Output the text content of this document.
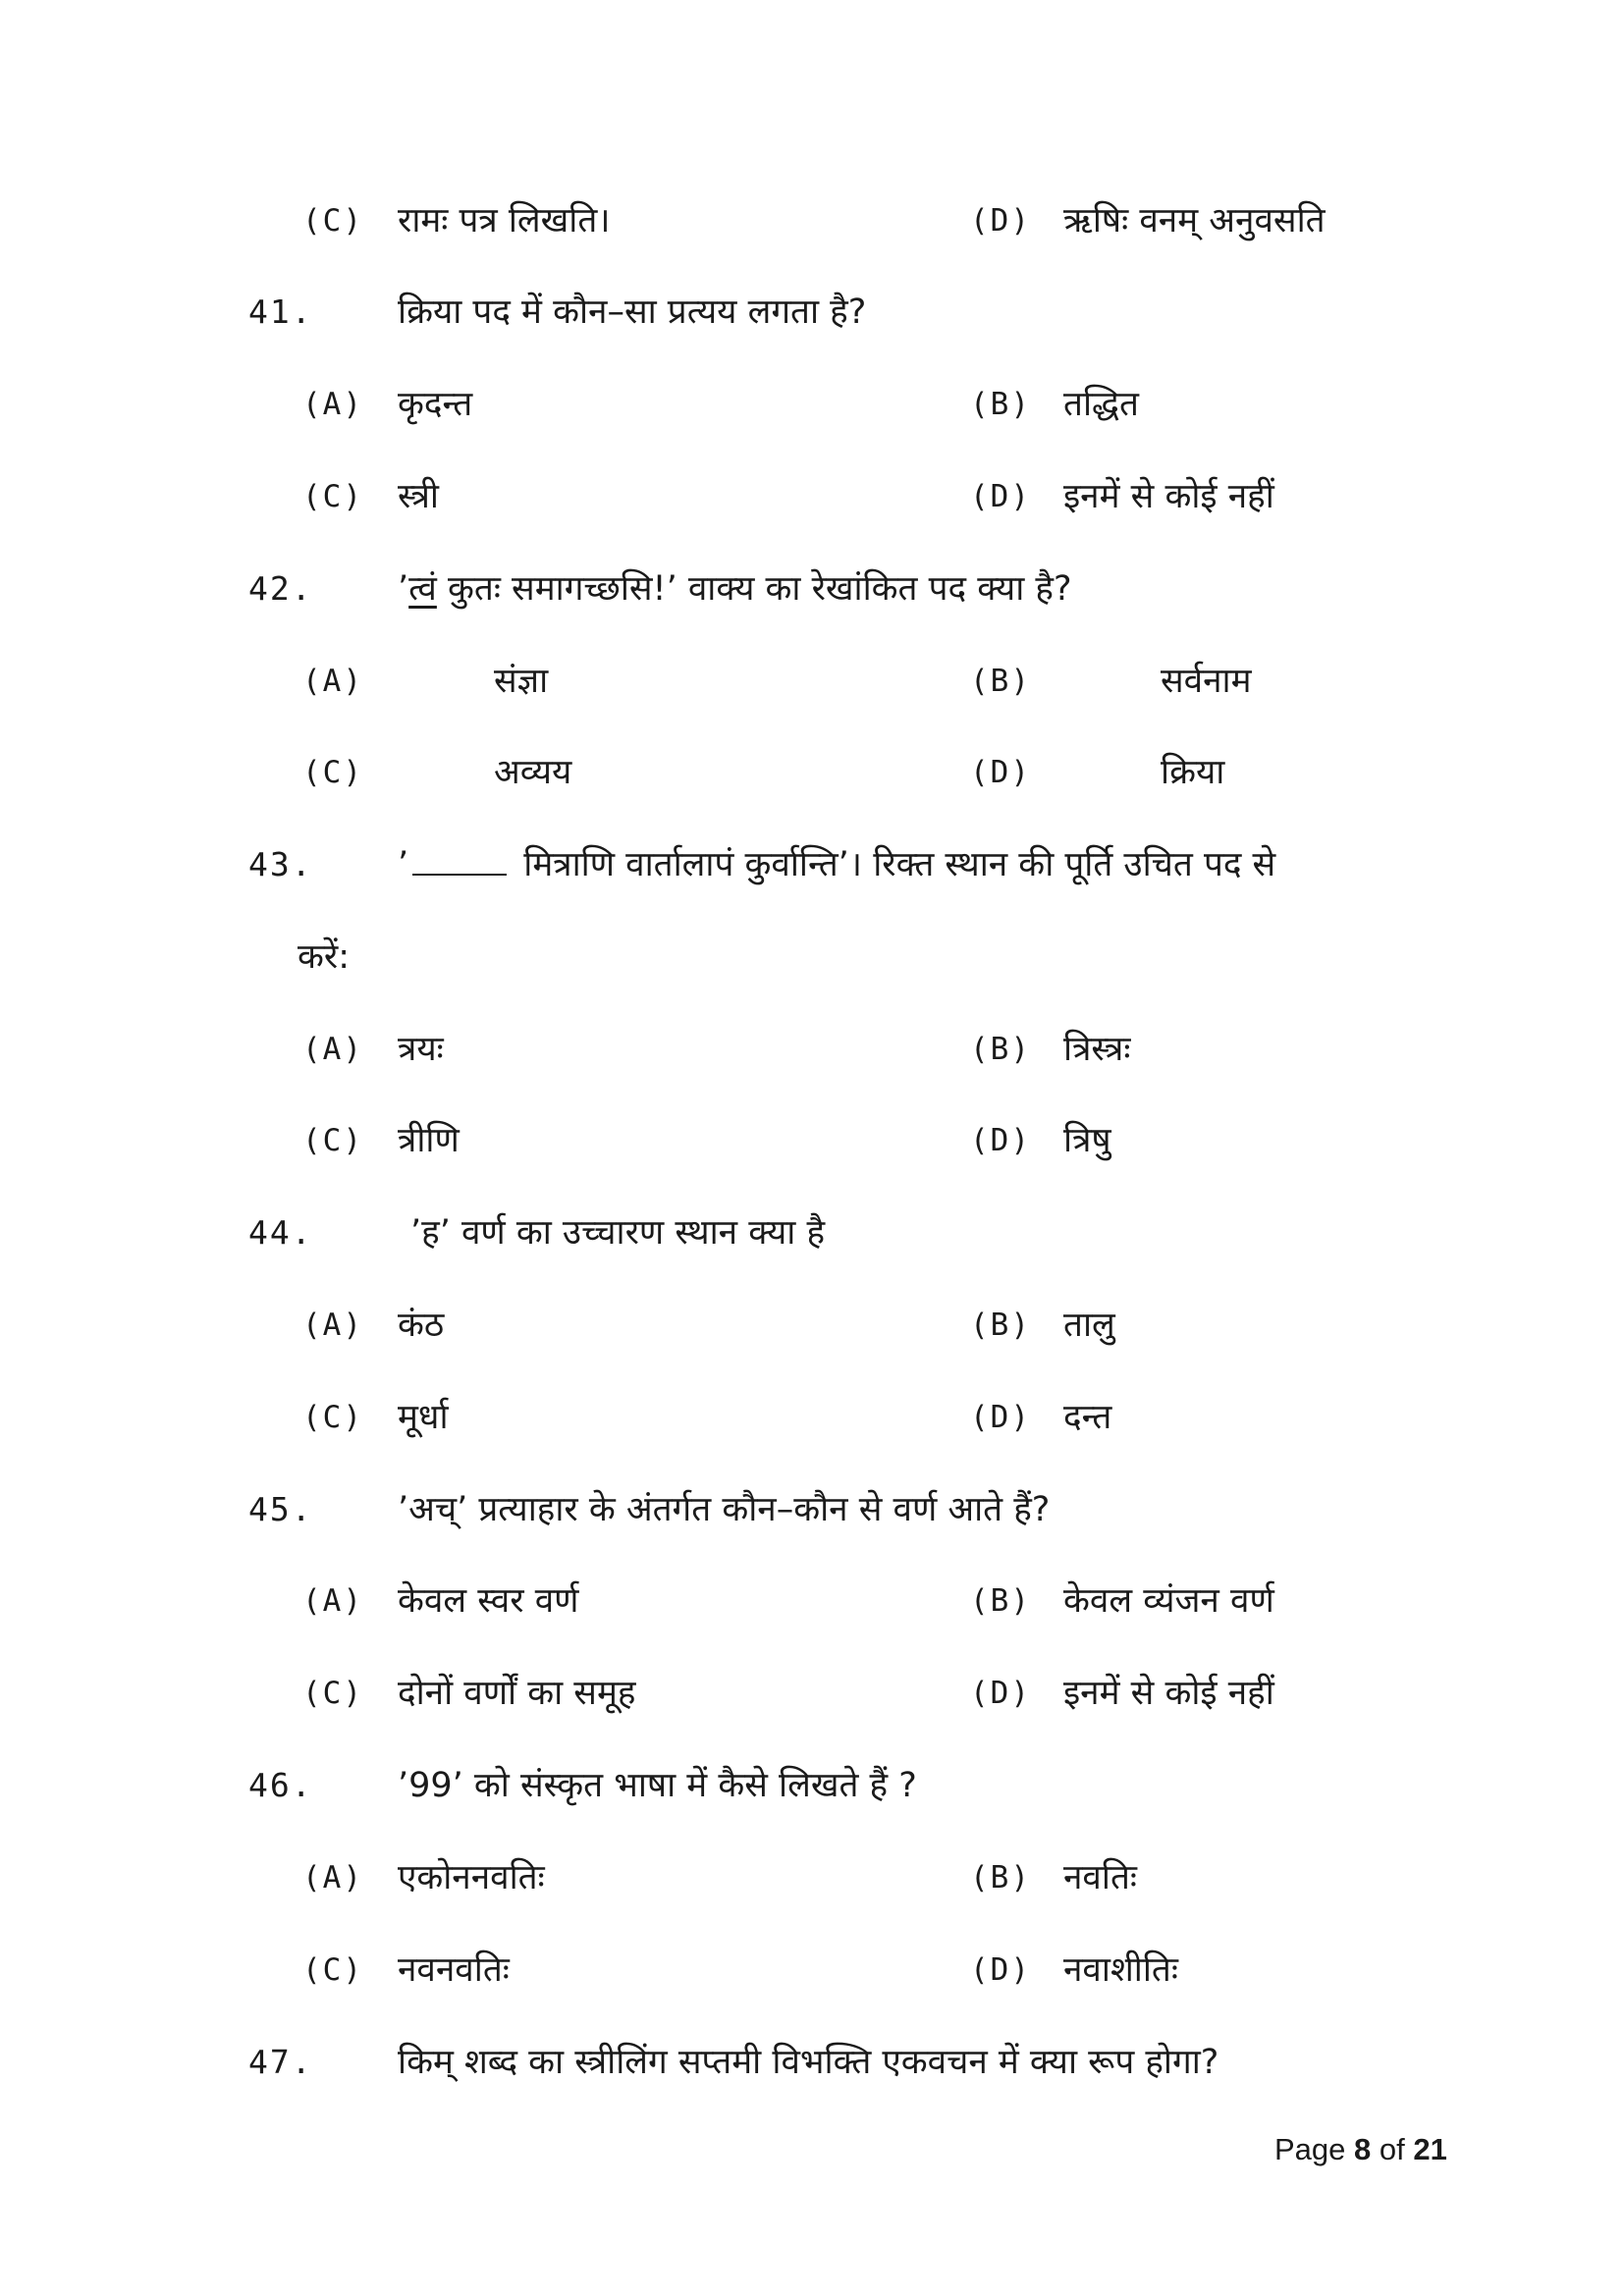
(C) रामः पत्र लिखति।	(D) ऋषिः वनम् अनुवसति
41. क्रिया पद में कौन–सा प्रत्यय लगता है?
(A) कृदन्त	(B) तद्धित
(C) स्त्री	(D) इनमें से कोई नहीं
42. ’त्वं कुतः समागच्छसि!’ वाक्य का रेखांकित पद क्या है?
(A)	संज्ञा	(B)	सर्वनाम
(C)	अव्यय	(D)	क्रिया
43. ’	मित्राणि वार्तालापं कुर्वान्ति’। रिक्त स्थान की पूर्ति उचित पद से
करें:
(A) त्रयः	(B) त्रिस्त्रः
(C) त्रीणि	(D) त्रिषु
44.	’ह’ वर्ण का उच्चारण स्थान क्या है
(A) कंठ	(B) तालु
(C) मूर्धा	(D) दन्त
45. ’अच्’ प्रत्याहार के अंतर्गत कौन–कौन से वर्ण आते हैं?
(A) केवल स्वर वर्ण	(B) केवल व्यंजन वर्ण
(C) दोनों वर्णों का समूह	(D) इनमें से कोई नहीं
46. ’99’ को संस्कृत भाषा में कैसे लिखते हैं ?
(A) एकोननवतिः	(B) नवतिः
(C) नवनवतिः	(D) नवाशीतिः
47. किम् शब्द का स्त्रीलिंग सप्तमी विभक्ति एकवचन में क्या रूप होगा?
Page 8 of 21
